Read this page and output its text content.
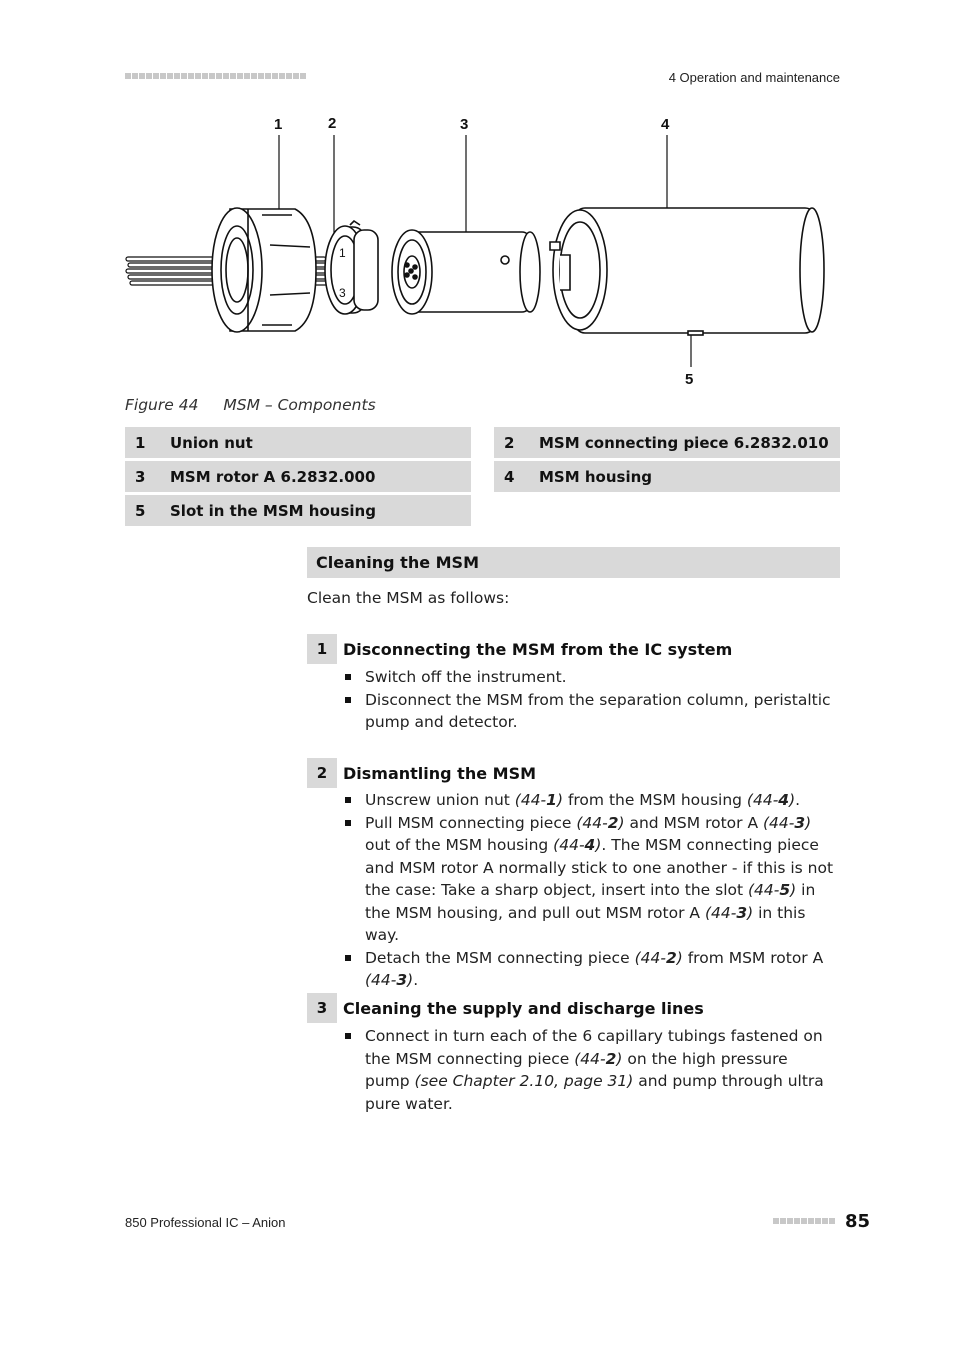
4 Operation and maintenance
1	2	3	4
5
1
3
Figure 44 MSM – Components
1	Union nut	2	MSM connecting piece 6.2832.010
3	MSM rotor A 6.2832.000	4	MSM housing
5	Slot in the MSM housing
Cleaning the MSM
Clean the MSM as follows:
1 Disconnecting the MSM from the IC system
Switch off the instrument.
Disconnect the MSM from the separation column, peristaltic pump and detector.
2 Dismantling the MSM
Unscrew union nut (44-1) from the MSM housing (44-4).
Pull MSM connecting piece (44-2) and MSM rotor A (44-3) out of the MSM housing (44-4). The MSM connecting piece and MSM rotor A normally stick to one another - if this is not the case: Take a sharp object, insert into the slot (44-5) in the MSM housing, and pull out MSM rotor A (44-3) in this way.
Detach the MSM connecting piece (44-2) from MSM rotor A (44-3).
3 Cleaning the supply and discharge lines
Connect in turn each of the 6 capillary tubings fastened on the MSM connecting piece (44-2) on the high pressure pump (see Chapter 2.10, page 31) and pump through ultra pure water.
850 Professional IC – Anion	85
